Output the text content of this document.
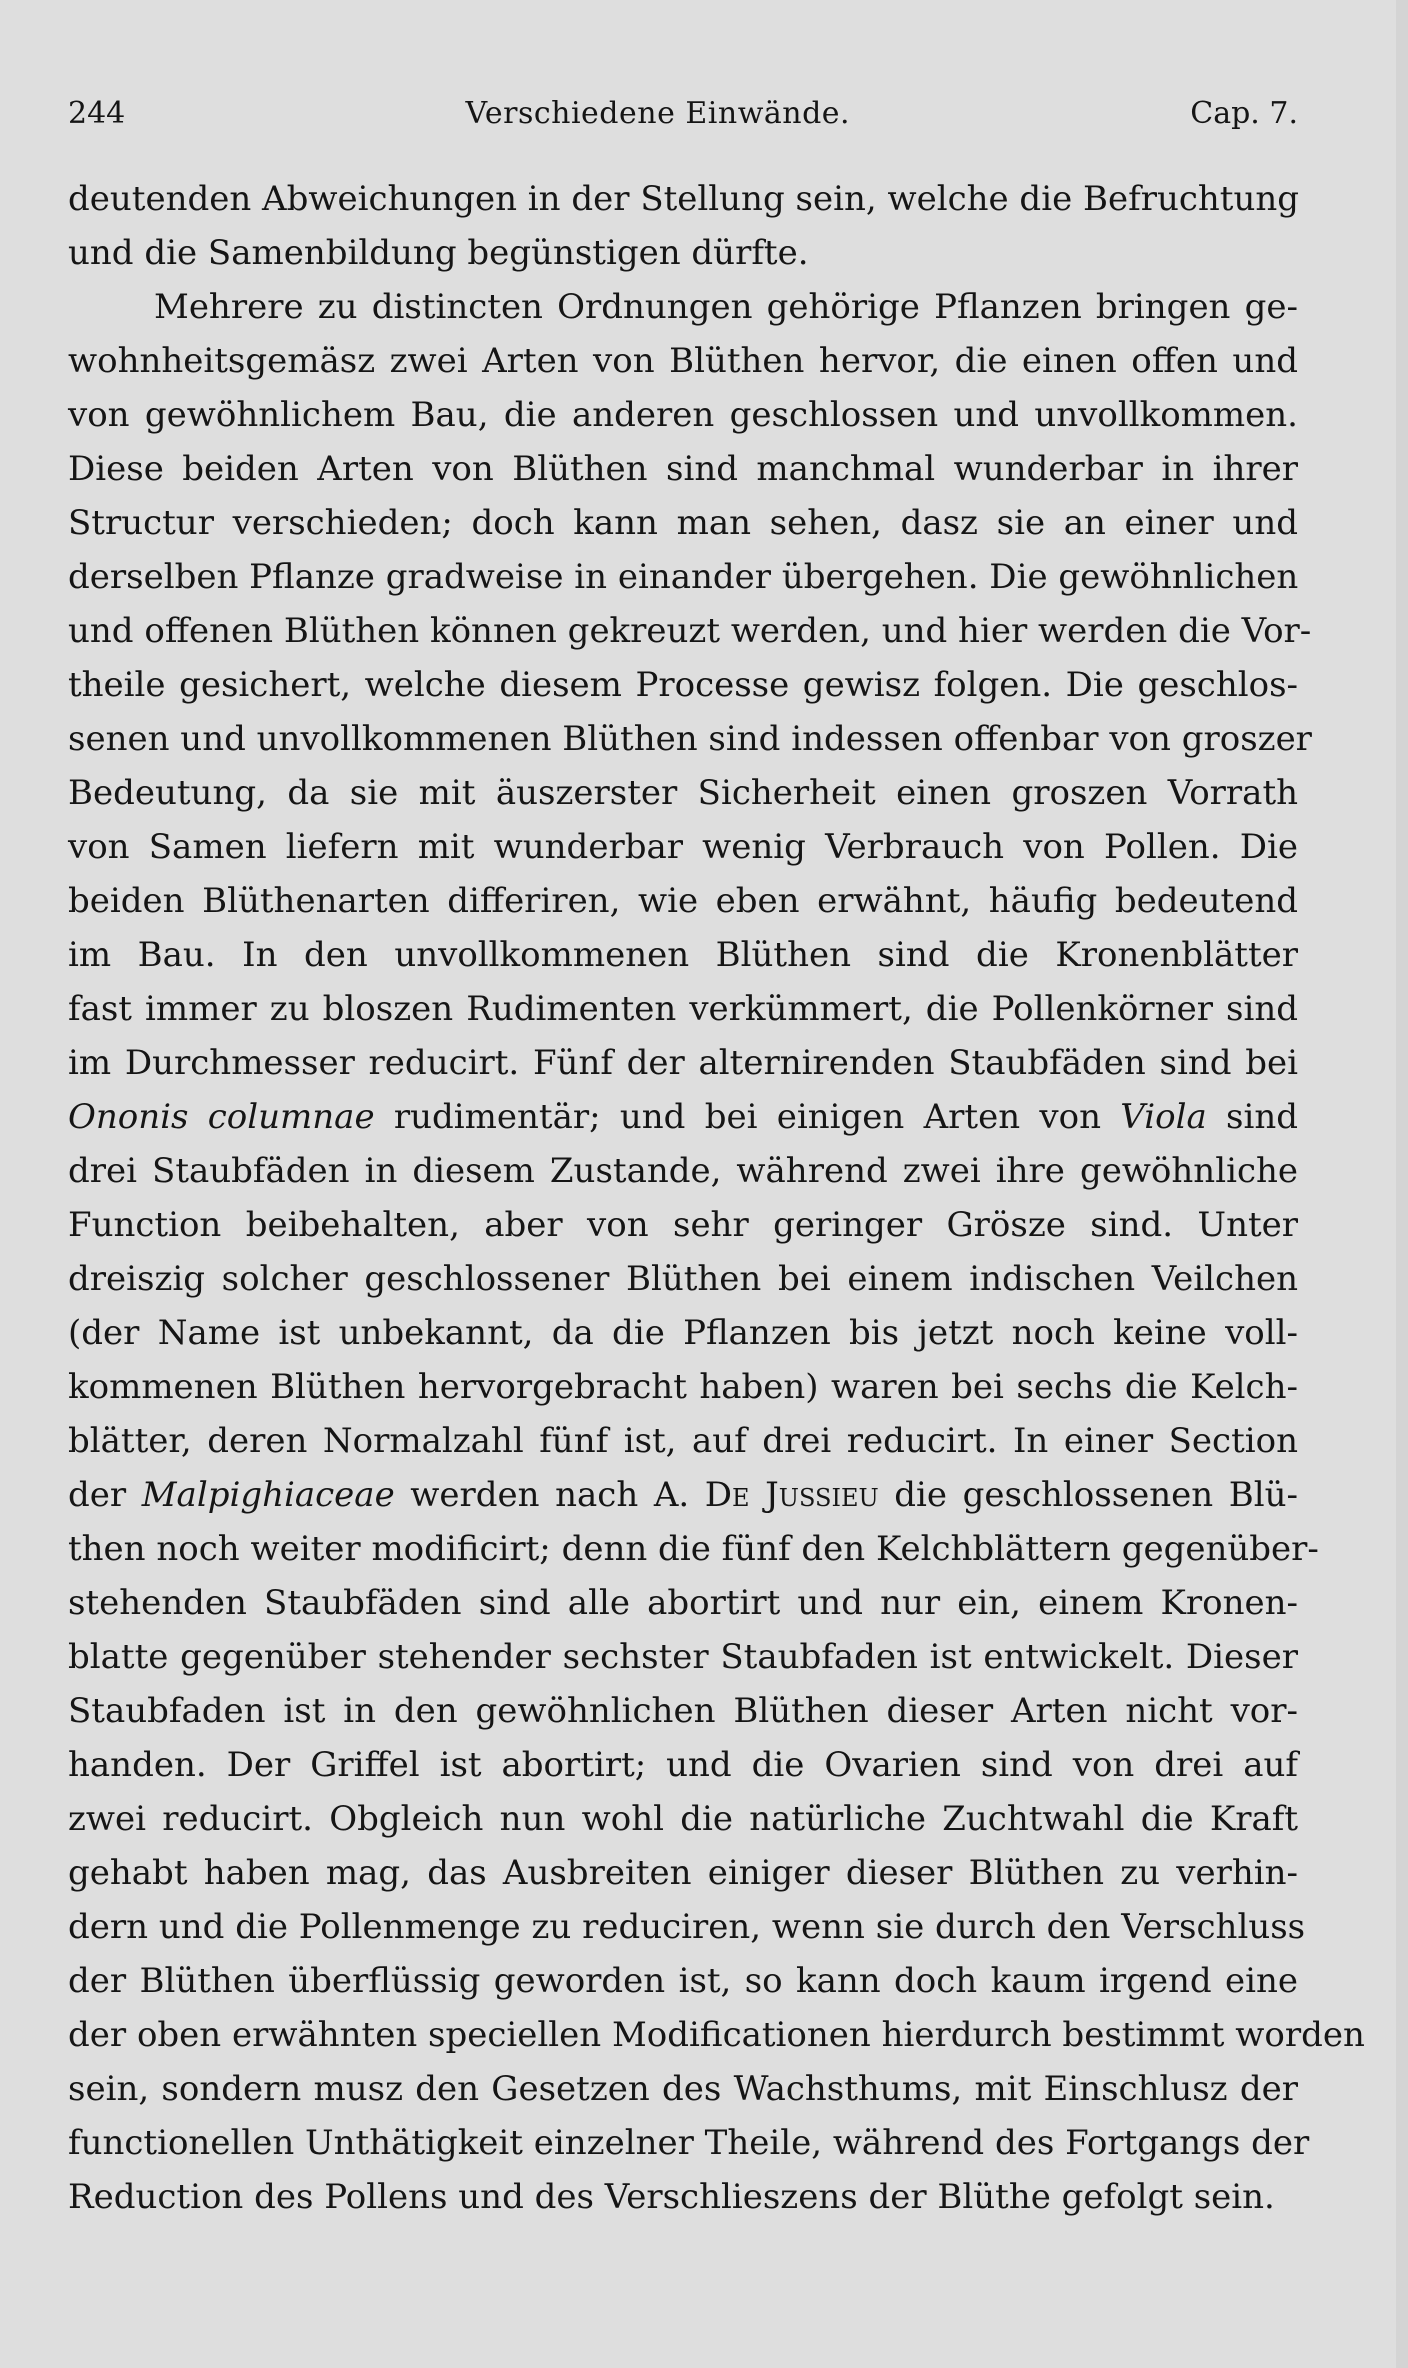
244	Verschiedene Einwände.	Cap. 7.
deutenden Abweichungen in der Stellung sein, welche die Befruchtung
und die Samenbildung begünstigen dürfte.
Mehrere zu distincten Ordnungen gehörige Pflanzen bringen ge-
wohnheitsgemäsz zwei Arten von Blüthen hervor, die einen offen und
von gewöhnlichem Bau, die anderen geschlossen und unvollkommen.
Diese beiden Arten von Blüthen sind manchmal wunderbar in ihrer
Structur verschieden; doch kann man sehen, dasz sie an einer und
derselben Pflanze gradweise in einander übergehen. Die gewöhnlichen
und offenen Blüthen können gekreuzt werden, und hier werden die Vor-
theile gesichert, welche diesem Processe gewisz folgen. Die geschlos-
senen und unvollkommenen Blüthen sind indessen offenbar von groszer
Bedeutung, da sie mit äuszerster Sicherheit einen groszen Vorrath
von Samen liefern mit wunderbar wenig Verbrauch von Pollen. Die
beiden Blüthenarten differiren, wie eben erwähnt, häufig bedeutend
im Bau. In den unvollkommenen Blüthen sind die Kronenblätter
fast immer zu bloszen Rudimenten verkümmert, die Pollenkörner sind
im Durchmesser reducirt. Fünf der alternirenden Staubfäden sind bei
Ononis columnae rudimentär; und bei einigen Arten von Viola sind
drei Staubfäden in diesem Zustande, während zwei ihre gewöhnliche
Function beibehalten, aber von sehr geringer Grösze sind. Unter
dreiszig solcher geschlossener Blüthen bei einem indischen Veilchen
(der Name ist unbekannt, da die Pflanzen bis jetzt noch keine voll-
kommenen Blüthen hervorgebracht haben) waren bei sechs die Kelch-
blätter, deren Normalzahl fünf ist, auf drei reducirt. In einer Section
der Malpighiaceae werden nach A. De Jussieu die geschlossenen Blü-
then noch weiter modificirt; denn die fünf den Kelchblättern gegenüber-
stehenden Staubfäden sind alle abortirt und nur ein, einem Kronen-
blatte gegenüber stehender sechster Staubfaden ist entwickelt. Dieser
Staubfaden ist in den gewöhnlichen Blüthen dieser Arten nicht vor-
handen. Der Griffel ist abortirt; und die Ovarien sind von drei auf
zwei reducirt. Obgleich nun wohl die natürliche Zuchtwahl die Kraft
gehabt haben mag, das Ausbreiten einiger dieser Blüthen zu verhin-
dern und die Pollenmenge zu reduciren, wenn sie durch den Verschluss
der Blüthen überflüssig geworden ist, so kann doch kaum irgend eine
der oben erwähnten speciellen Modificationen hierdurch bestimmt worden
sein, sondern musz den Gesetzen des Wachsthums, mit Einschlusz der
functionellen Unthätigkeit einzelner Theile, während des Fortgangs der
Reduction des Pollens und des Verschlieszens der Blüthe gefolgt sein.
